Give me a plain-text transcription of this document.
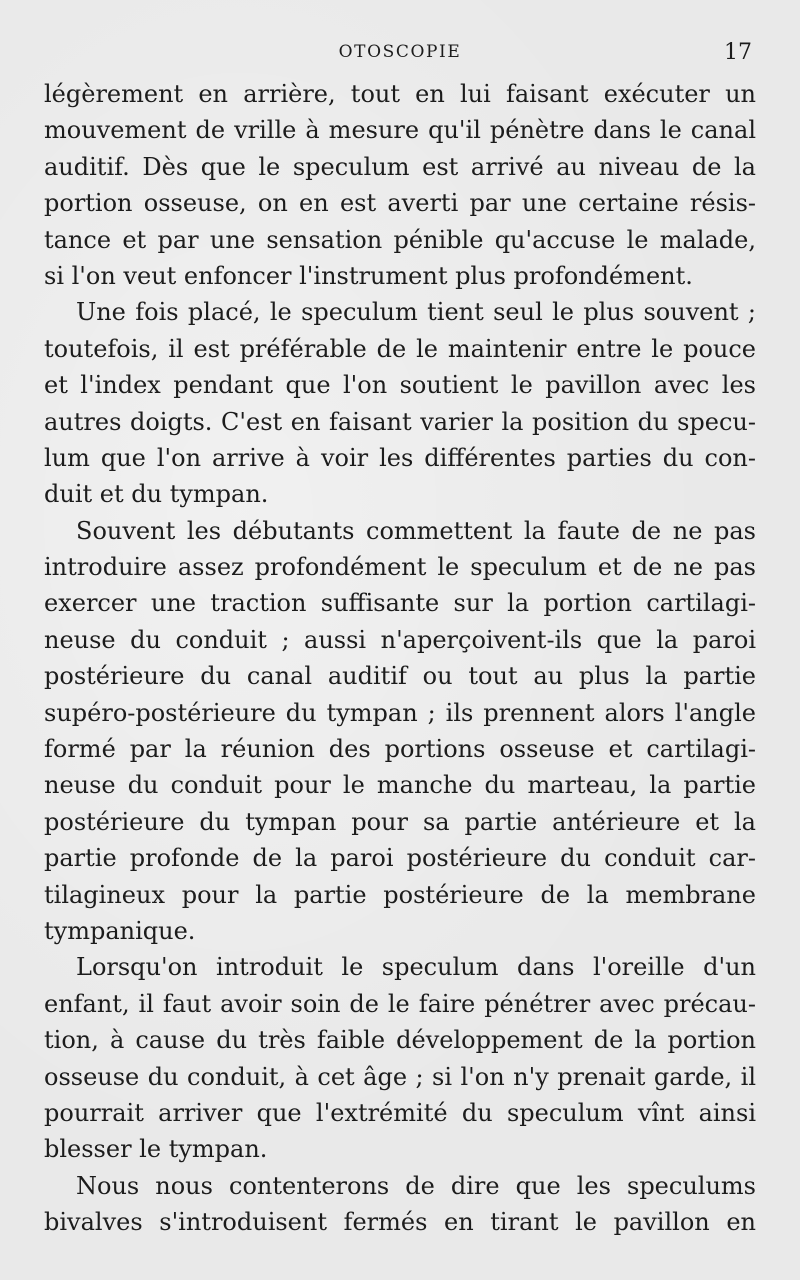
OTOSCOPIE	17
légèrement en arrière, tout en lui faisant exécuter un
mouvement de vrille à mesure qu'il pénètre dans le canal
auditif. Dès que le speculum est arrivé au niveau de la
portion osseuse, on en est averti par une certaine résis-
tance et par une sensation pénible qu'accuse le malade,
si l'on veut enfoncer l'instrument plus profondément.
Une fois placé, le speculum tient seul le plus souvent ;
toutefois, il est préférable de le maintenir entre le pouce
et l'index pendant que l'on soutient le pavillon avec les
autres doigts. C'est en faisant varier la position du specu-
lum que l'on arrive à voir les différentes parties du con-
duit et du tympan.
Souvent les débutants commettent la faute de ne pas
introduire assez profondément le speculum et de ne pas
exercer une traction suffisante sur la portion cartilagi-
neuse du conduit ; aussi n'aperçoivent-ils que la paroi
postérieure du canal auditif ou tout au plus la partie
supéro-postérieure du tympan ; ils prennent alors l'angle
formé par la réunion des portions osseuse et cartilagi-
neuse du conduit pour le manche du marteau, la partie
postérieure du tympan pour sa partie antérieure et la
partie profonde de la paroi postérieure du conduit car-
tilagineux pour la partie postérieure de la membrane
tympanique.
Lorsqu'on introduit le speculum dans l'oreille d'un
enfant, il faut avoir soin de le faire pénétrer avec précau-
tion, à cause du très faible développement de la portion
osseuse du conduit, à cet âge ; si l'on n'y prenait garde, il
pourrait arriver que l'extrémité du speculum vînt ainsi
blesser le tympan.
Nous nous contenterons de dire que les speculums
bivalves s'introduisent fermés en tirant le pavillon en
